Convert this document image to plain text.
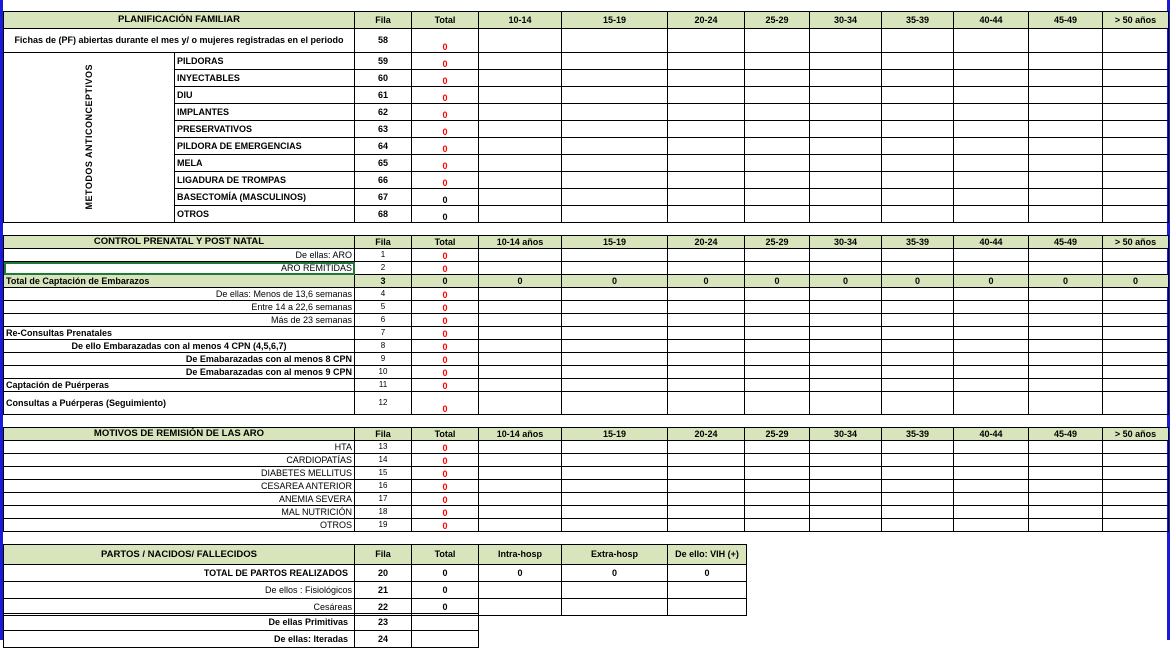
PLANIFICACIÓN FAMILIAR		Fila	Total	10-14	15-19	20-24	25-29	30-34	35-39	40-44	45-49	> 50 años
Fichas de (PF) abiertas durante el mes y/ o mujeres registradas en el periodo		58	0									
METODOS ANTICONCEPTIVOS	PILDORAS	59	0									
	INYECTABLES	60	0									
	DIU	61	0									
	IMPLANTES	62	0									
	PRESERVATIVOS	63	0									
	PILDORA DE EMERGENCIAS	64	0									
	MELA	65	0									
	LIGADURA DE TROMPAS	66	0									
	BASECTOMÍA (MASCULINOS)	67	0									
	OTROS	68	0									
CONTROL PRENATAL Y POST NATAL	Fila	Total	10-14 años	15-19	20-24	25-29	30-34	35-39	40-44	45-49	> 50 años
De ellas: ARO	1	0									
ARO REMITIDAS	2	0									
Total de Captación de Embarazos	3	0	0	0	0	0	0	0	0	0	0
De ellas: Menos de 13,6 semanas	4	0									
Entre 14 a 22,6 semanas	5	0									
Más de 23 semanas	6	0									
Re-Consultas Prenatales	7	0									
De ello Embarazadas con al menos 4 CPN (4,5,6,7)	8	0									
De Emabarazadas con al menos 8 CPN	9	0									
De Emabarazadas con al menos 9 CPN	10	0									
Captación de Puérperas	11	0									
Consultas a Puérperas (Seguimiento)	12	0									
MOTIVOS DE REMISIÓN DE LAS ARO	Fila	Total	10-14 años	15-19	20-24	25-29	30-34	35-39	40-44	45-49	> 50 años
HTA	13	0									
CARDIOPATÍAS	14	0									
DIABETES MELLITUS	15	0									
CESAREA ANTERIOR	16	0									
ANEMIA SEVERA	17	0									
MAL NUTRICIÓN	18	0									
OTROS	19	0									
PARTOS / NACIDOS/ FALLECIDOS	Fila	Total	Intra-hosp	Extra-hosp	De ello: VIH (+)
TOTAL DE PARTOS REALIZADOS	20	0	0	0	0
De ellos : Fisiológicos	21	0			
Cesáreas	22	0			
De ellas Primitivas	23	
De ellas: Iteradas	24	
